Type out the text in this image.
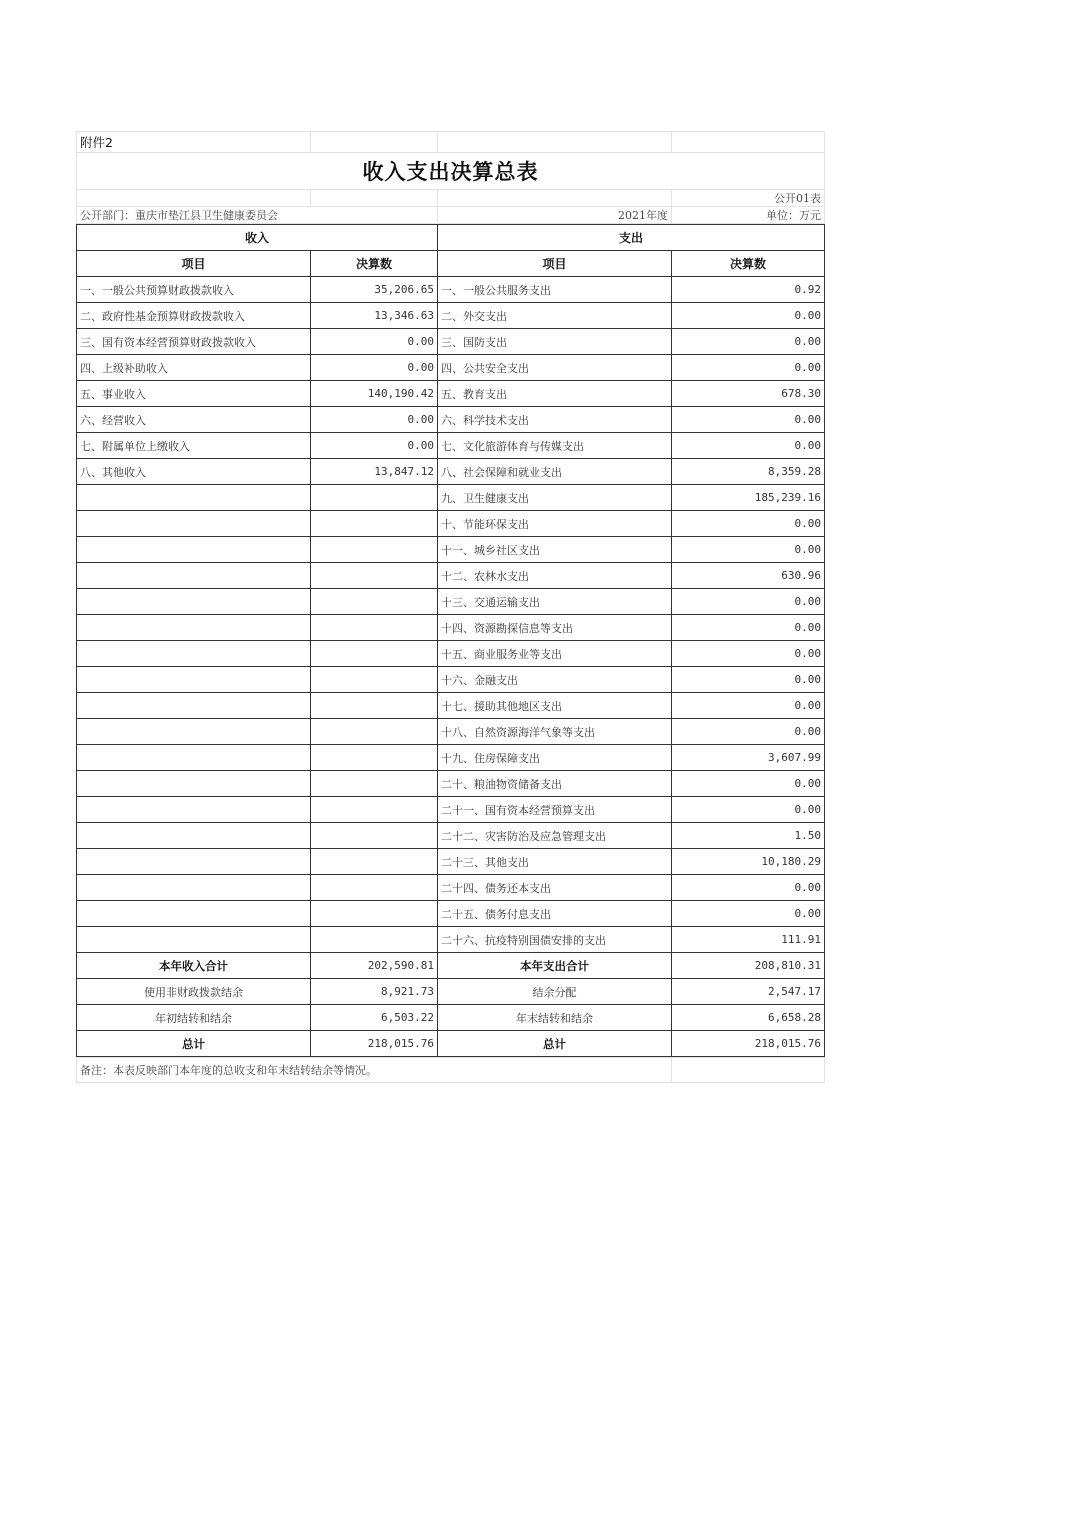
附件2			
收入支出决算总表			
			公开01表
公开部门：重庆市垫江县卫生健康委员会		2021年度	单位：万元
收入		支出	
项目	决算数	项目	决算数
一、一般公共预算财政拨款收入	35,206.65	一、一般公共服务支出	0.92
二、政府性基金预算财政拨款收入	13,346.63	二、外交支出	0.00
三、国有资本经营预算财政拨款收入	0.00	三、国防支出	0.00
四、上级补助收入	0.00	四、公共安全支出	0.00
五、事业收入	140,190.42	五、教育支出	678.30
六、经营收入	0.00	六、科学技术支出	0.00
七、附属单位上缴收入	0.00	七、文化旅游体育与传媒支出	0.00
八、其他收入	13,847.12	八、社会保障和就业支出	8,359.28
		九、卫生健康支出	185,239.16
		十、节能环保支出	0.00
		十一、城乡社区支出	0.00
		十二、农林水支出	630.96
		十三、交通运输支出	0.00
		十四、资源勘探信息等支出	0.00
		十五、商业服务业等支出	0.00
		十六、金融支出	0.00
		十七、援助其他地区支出	0.00
		十八、自然资源海洋气象等支出	0.00
		十九、住房保障支出	3,607.99
		二十、粮油物资储备支出	0.00
		二十一、国有资本经营预算支出	0.00
		二十二、灾害防治及应急管理支出	1.50
		二十三、其他支出	10,180.29
		二十四、债务还本支出	0.00
		二十五、债务付息支出	0.00
		二十六、抗疫特别国债安排的支出	111.91
本年收入合计	202,590.81	本年支出合计	208,810.31
使用非财政拨款结余	8,921.73	结余分配	2,547.17
年初结转和结余	6,503.22	年末结转和结余	6,658.28
总计	218,015.76	总计	218,015.76
备注：本表反映部门本年度的总收支和年末结转结余等情况。	
